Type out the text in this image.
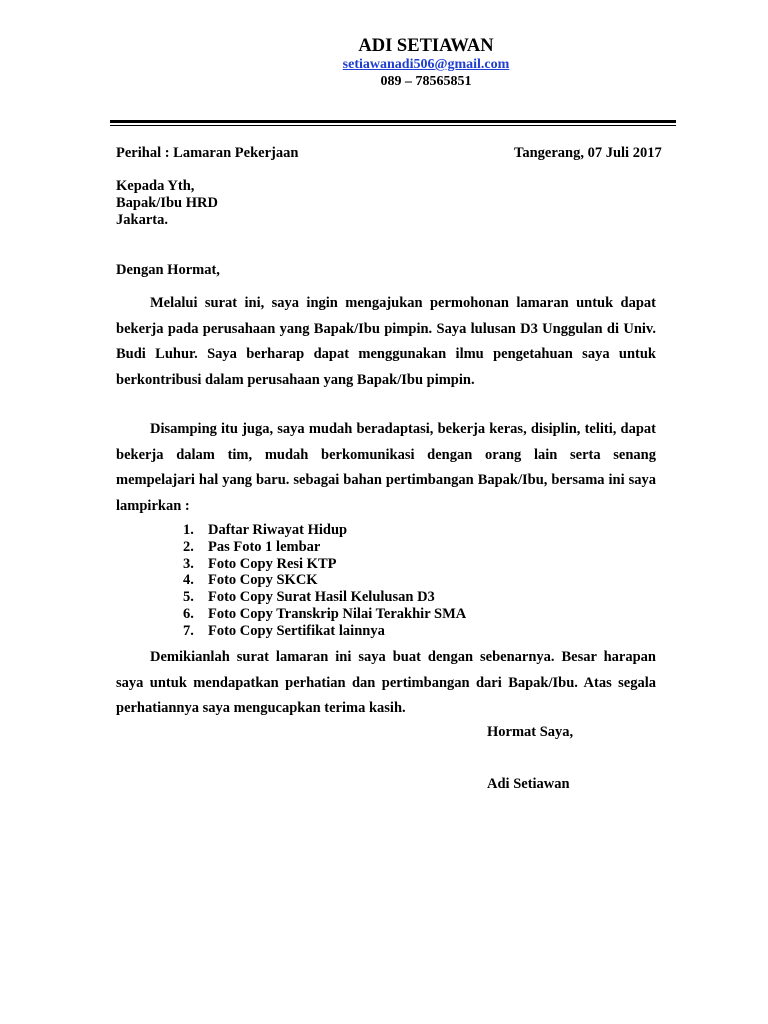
ADI SETIAWAN
setiawanadi506@gmail.com
089 – 78565851
Perihal : Lamaran Pekerjaan	Tangerang, 07 Juli 2017
Kepada Yth,
Bapak/Ibu HRD
Jakarta.
Dengan Hormat,
Melalui surat ini, saya ingin mengajukan permohonan lamaran untuk dapat bekerja pada perusahaan yang Bapak/Ibu pimpin. Saya lulusan D3 Unggulan di Univ. Budi Luhur. Saya berharap dapat menggunakan ilmu pengetahuan saya untuk berkontribusi dalam perusahaan yang Bapak/Ibu pimpin.
Disamping itu juga, saya mudah beradaptasi, bekerja keras, disiplin, teliti, dapat bekerja dalam tim, mudah berkomunikasi dengan orang lain serta senang mempelajari hal yang baru. sebagai bahan pertimbangan Bapak/Ibu, bersama ini saya lampirkan :
1. Daftar Riwayat Hidup
2. Pas Foto 1 lembar
3. Foto Copy Resi KTP
4. Foto Copy SKCK
5. Foto Copy Surat Hasil Kelulusan D3
6. Foto Copy Transkrip Nilai Terakhir SMA
7. Foto Copy Sertifikat lainnya
Demikianlah surat lamaran ini saya buat dengan sebenarnya. Besar harapan saya untuk mendapatkan perhatian dan pertimbangan dari Bapak/Ibu. Atas segala perhatiannya saya mengucapkan terima kasih.
Hormat Saya,
Adi Setiawan
